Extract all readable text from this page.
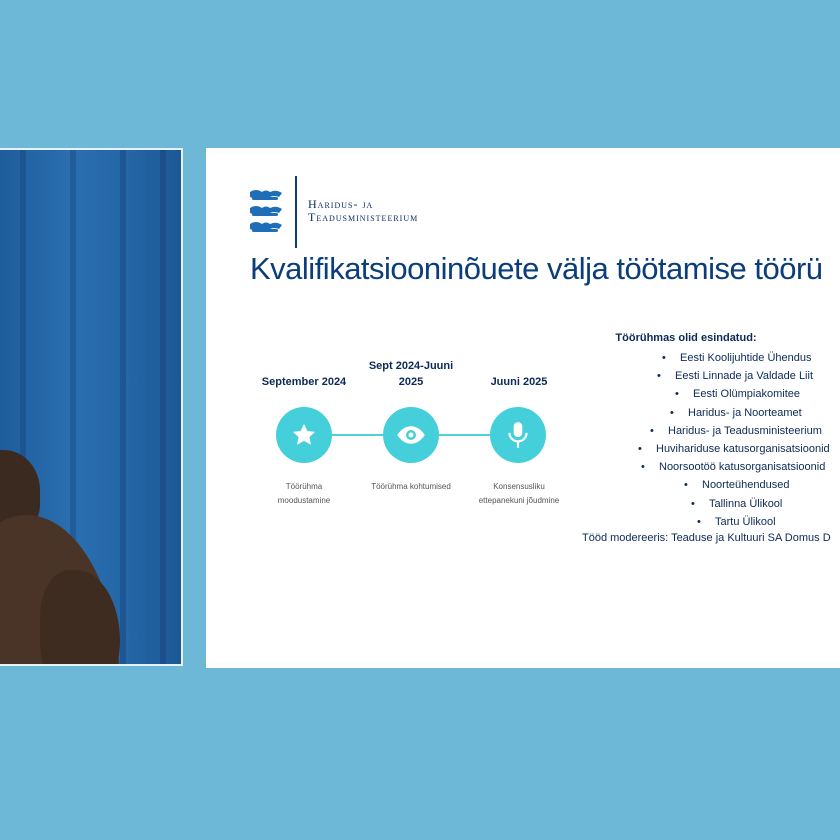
Haridus- ja
Teadusministeerium
Kvalifikatsiooninõuete välja töötamise töörü
September 2024
Sept 2024-Juuni 2025	Juuni 2025
Töörühma moodustamine
Töörühma kohtumised	Konsensusliku ettepanekuni jõudmine
Töörühmas olid esindatud:
• Eesti Koolijuhtide Ühendus
• Eesti Linnade ja Valdade Liit
• Eesti Olümpiakomitee
• Haridus- ja Noorteamet
• Haridus- ja Teadusministeerium
• Huvihariduse katusorganisatsioonid
• Noorsootöö katusorganisatsioonid
• Noorteühendused
• Tallinna Ülikool
• Tartu Ülikool
Tööd modereeris: Teaduse ja Kultuuri SA Domus D
